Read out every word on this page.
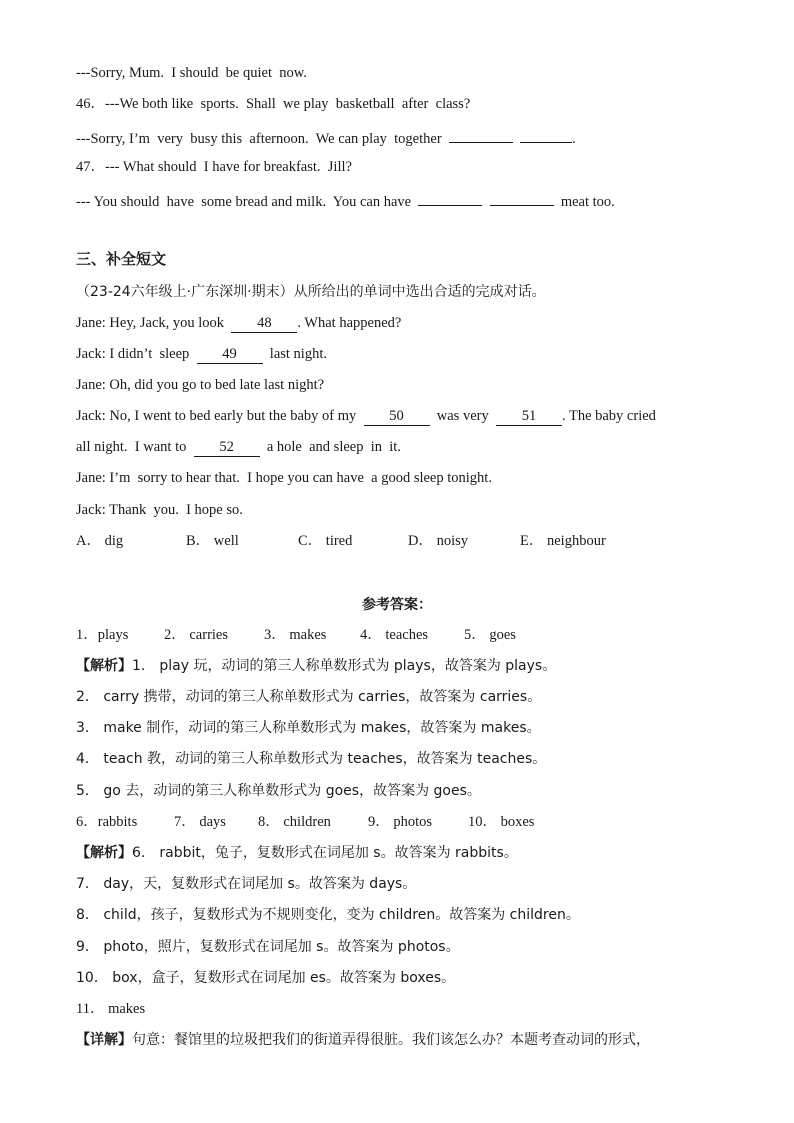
---Sorry, Mum.  I should  be quiet  now.
46．---We both like  sports.  Shall  we play  basketball  after  class?
---Sorry, I’m  very  busy this  afternoon.  We can play  together	.
47．--- What should  I have for breakfast.  Jill?
--- You should  have  some bread and milk.  You can have	meat too.
三、补全短文
（23-24六年级上·广东深圳·期末）从所给出的单词中选出合适的完成对话。
Jane: Hey, Jack, you look  48 . What happened?
Jack: I didn’t  sleep  49  last night.
Jane: Oh, did you go to bed late last night?
Jack: No, I went to bed early but the baby of my  50  was very  51 . The baby cried
all night.  I want to  52  a hole  and sleep  in  it.
Jane: I’m  sorry to hear that.  I hope you can have  a good sleep tonight.
Jack: Thank  you.  I hope so.
A． dig	B． well	C． tired	D． noisy	E． neighbour
参考答案：
1．plays 2． carries 3． makes 4． teaches 5． goes
【解析】1． play 玩，动词的第三人称单数形式为 plays，故答案为 plays。
2． carry 携带，动词的第三人称单数形式为 carries，故答案为 carries。
3． make 制作，动词的第三人称单数形式为 makes，故答案为 makes。
4． teach 教，动词的第三人称单数形式为 teaches，故答案为 teaches。
5． go 去，动词的第三人称单数形式为 goes，故答案为 goes。
6．rabbits	7． days 8． children	9． photos 10． boxes
【解析】6． rabbit，兔子，复数形式在词尾加 s。故答案为 rabbits。
7． day，天，复数形式在词尾加 s。故答案为 days。
8． child，孩子，复数形式为不规则变化，变为 children。故答案为 children。
9． photo，照片，复数形式在词尾加 s。故答案为 photos。
10． box，盒子，复数形式在词尾加 es。故答案为 boxes。
11． makes
【详解】句意：餐馆里的垃圾把我们的街道弄得很脏。我们该怎么办？本题考查动词的形式，
